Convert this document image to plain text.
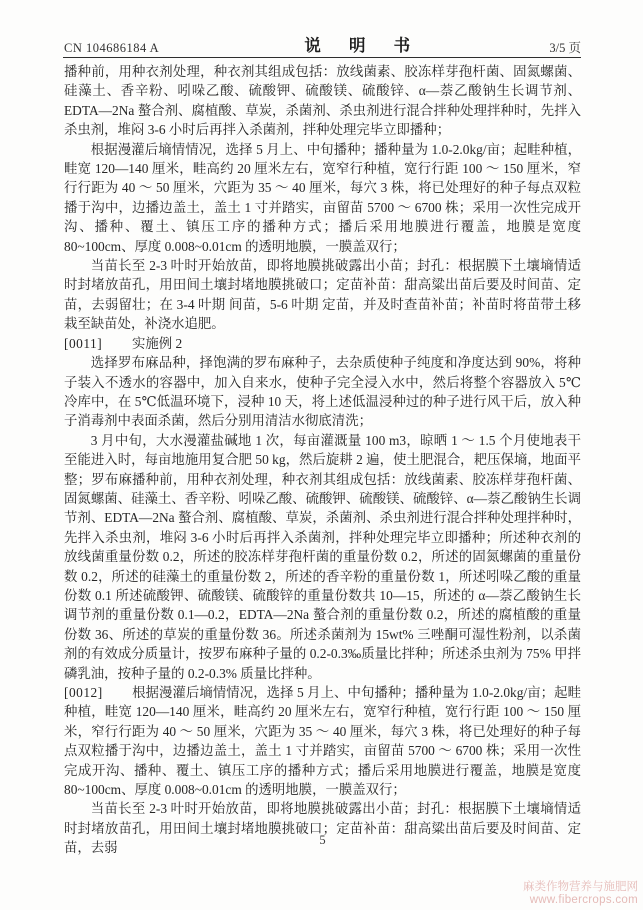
CN 104686184 A	说 明 书	3/5 页

播种前，用种衣剂处理，种衣剂其组成包括：放线菌素、胶冻样芽孢杆菌、固氮螺菌、硅藻土、香辛粉、吲哚乙酸、硫酸钾、硫酸镁、硫酸锌、α—萘乙酸钠生长调节剂、EDTA—2Na 螯合剂、腐植酸、草炭，杀菌剂、杀虫剂进行混合拌种处理拌种时，先拌入杀虫剂，堆闷 3-6 小时后再拌入杀菌剂，拌种处理完毕立即播种；

根据漫灌后墒情情况，选择 5 月上、中旬播种；播种量为 1.0-2.0kg/亩；起畦种植，畦宽 120—140 厘米，畦高约 20 厘米左右，宽窄行种植，宽行行距 100 ～ 150 厘米，窄行行距为 40 ～ 50 厘米，穴距为 35 ～ 40 厘米，每穴 3 株，将已处理好的种子每点双粒播于沟中，边播边盖土，盖土 1 寸并踏实，亩留苗 5700 ～ 6700 株；采用一次性完成开沟、播种、覆土、镇压工序的播种方式；播后采用地膜进行覆盖，地膜是宽度 80~100cm、厚度 0.008~0.01cm 的透明地膜，一膜盖双行；

当苗长至 2-3 叶时开始放苗，即将地膜挑破露出小苗；封孔：根据膜下土壤墒情适时封堵放苗孔，用田间土壤封堵地膜挑破口；定苗补苗：甜高粱出苗后要及时间苗、定苗，去弱留壮；在 3-4 叶期 间苗，5-6 叶期 定苗，并及时查苗补苗；补苗时将苗带土移栽至缺苗处，补浇水追肥。

[0011] 实施例 2

选择罗布麻品种，择饱满的罗布麻种子，去杂质使种子纯度和净度达到 90%，将种子装入不透水的容器中，加入自来水，使种子完全浸入水中，然后将整个容器放入 5℃冷库中，在 5℃低温环境下，浸种 10 天，将上述低温浸种过的种子进行风干后，放入种子消毒剂中表面杀菌，然后分别用清洁水彻底清洗；

3 月中旬，大水漫灌盐碱地 1 次，每亩灌溉量 100 m3，晾晒 1 ～ 1.5 个月使地表干至能进入时，每亩地施用复合肥 50 kg，然后旋耕 2 遍，使土肥混合，耙压保墒，地面平整；罗布麻播种前，用种衣剂处理，种衣剂其组成包括：放线菌素、胶冻样芽孢杆菌、固氮螺菌、硅藻土、香辛粉、吲哚乙酸、硫酸钾、硫酸镁、硫酸锌、α—萘乙酸钠生长调节剂、EDTA—2Na 螯合剂、腐植酸、草炭，杀菌剂、杀虫剂进行混合拌种处理拌种时，先拌入杀虫剂，堆闷 3-6 小时后再拌入杀菌剂，拌种处理完毕立即播种；所述种衣剂的放线菌重量份数 0.2，所述的胶冻样芽孢杆菌的重量份数 0.2，所述的固氮螺菌的重量份数 0.2，所述的硅藻土的重量份数 2，所述的香辛粉的重量份数 1，所述吲哚乙酸的重量份数 0.1 所述硫酸钾、硫酸镁、硫酸锌的重量份数共 10—15，所述的 α—萘乙酸钠生长调节剂的重量份数 0.1—0.2，EDTA—2Na 螯合剂的重量份数 0.2，所述的腐植酸的重量份数 36、所述的草炭的重量份数 36。所述杀菌剂为 15wt% 三唑酮可湿性粉剂，以杀菌剂的有效成分质量计，按罗布麻种子量的 0.2-0.3‰质量比拌种；所述杀虫剂为 75% 甲拌磷乳油，按种子量的 0.2-0.3% 质量比拌种。

[0012] 根据漫灌后墒情情况，选择 5 月上、中旬播种；播种量为 1.0-2.0kg/亩；起畦种植，畦宽 120—140 厘米，畦高约 20 厘米左右，宽窄行种植，宽行行距 100 ～ 150 厘米，窄行行距为 40 ～ 50 厘米，穴距为 35 ～ 40 厘米，每穴 3 株，将已处理好的种子每点双粒播于沟中，边播边盖土，盖土 1 寸并踏实，亩留苗 5700 ～ 6700 株；采用一次性完成开沟、播种、覆土、镇压工序的播种方式；播后采用地膜进行覆盖，地膜是宽度 80~100cm、厚度 0.008~0.01cm 的透明地膜，一膜盖双行；

当苗长至 2-3 叶时开始放苗，即将地膜挑破露出小苗；封孔：根据膜下土壤墒情适时封堵放苗孔，用田间土壤封堵地膜挑破口；定苗补苗：甜高粱出苗后要及时间苗、定苗，去弱

5
麻类作物营养与施肥网
www.fibercrops.com
